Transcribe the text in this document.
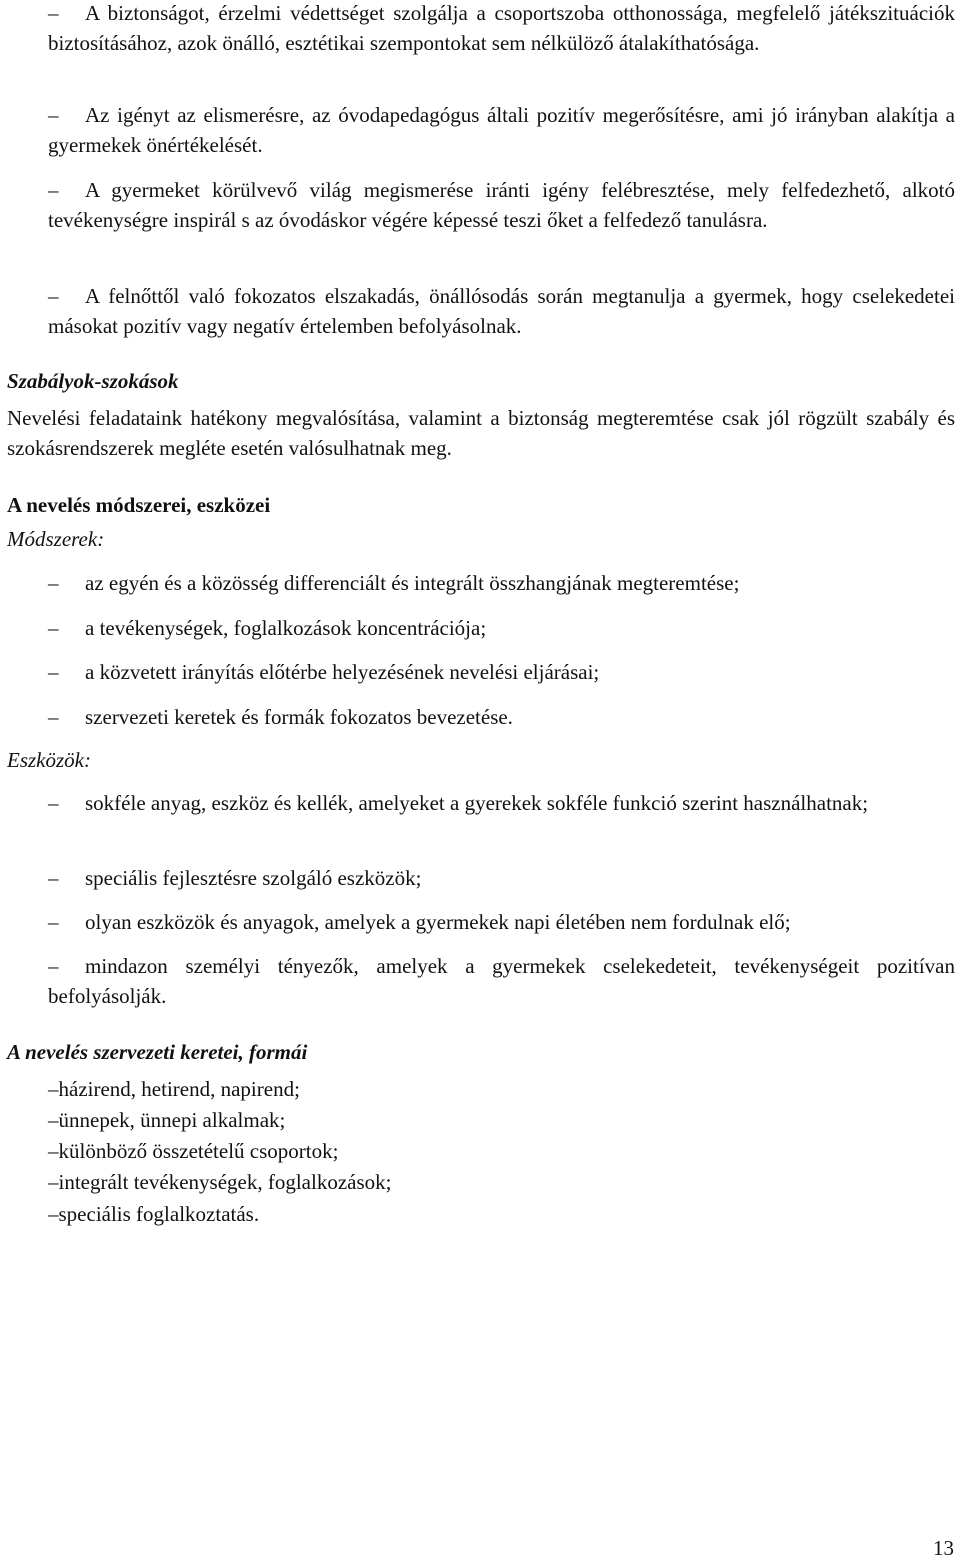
– A biztonságot, érzelmi védettséget szolgálja a csoportszoba otthonossága, megfelelő játékszituációk biztosításához, azok önálló, esztétikai szempontokat sem nélkülöző átalakíthatósága.
– Az igényt az elismerésre, az óvodapedagógus általi pozitív megerősítésre, ami jó irányban alakítja a gyermekek önértékelését.
– A gyermeket körülvevő világ megismerése iránti igény felébresztése, mely felfedezhető, alkotó tevékenységre inspirál s az óvodáskor végére képessé teszi őket a felfedező tanulásra.
– A felnőttől való fokozatos elszakadás, önállósodás során megtanulja a gyermek, hogy cselekedetei másokat pozitív vagy negatív értelemben befolyásolnak.
Szabályok-szokások
Nevelési feladataink hatékony megvalósítása, valamint a biztonság megteremtése csak jól rögzült szabály és szokásrendszerek megléte esetén valósulhatnak meg.
A nevelés módszerei, eszközei
Módszerek:
– az egyén és a közösség differenciált és integrált összhangjának megteremtése;
– a tevékenységek, foglalkozások koncentrációja;
– a közvetett irányítás előtérbe helyezésének nevelési eljárásai;
– szervezeti keretek és formák fokozatos bevezetése.
Eszközök:
– sokféle anyag, eszköz és kellék, amelyeket a gyerekek sokféle funkció szerint használhatnak;
– speciális fejlesztésre szolgáló eszközök;
– olyan eszközök és anyagok, amelyek a gyermekek napi életében nem fordulnak elő;
– mindazon személyi tényezők, amelyek a gyermekek cselekedeteit, tevékenységeit pozitívan befolyásolják.
A nevelés szervezeti keretei, formái
–házirend, hetirend, napirend;
–ünnepek, ünnepi alkalmak;
–különböző összetételű csoportok;
–integrált tevékenységek, foglalkozások;
–speciális foglalkoztatás.
13
